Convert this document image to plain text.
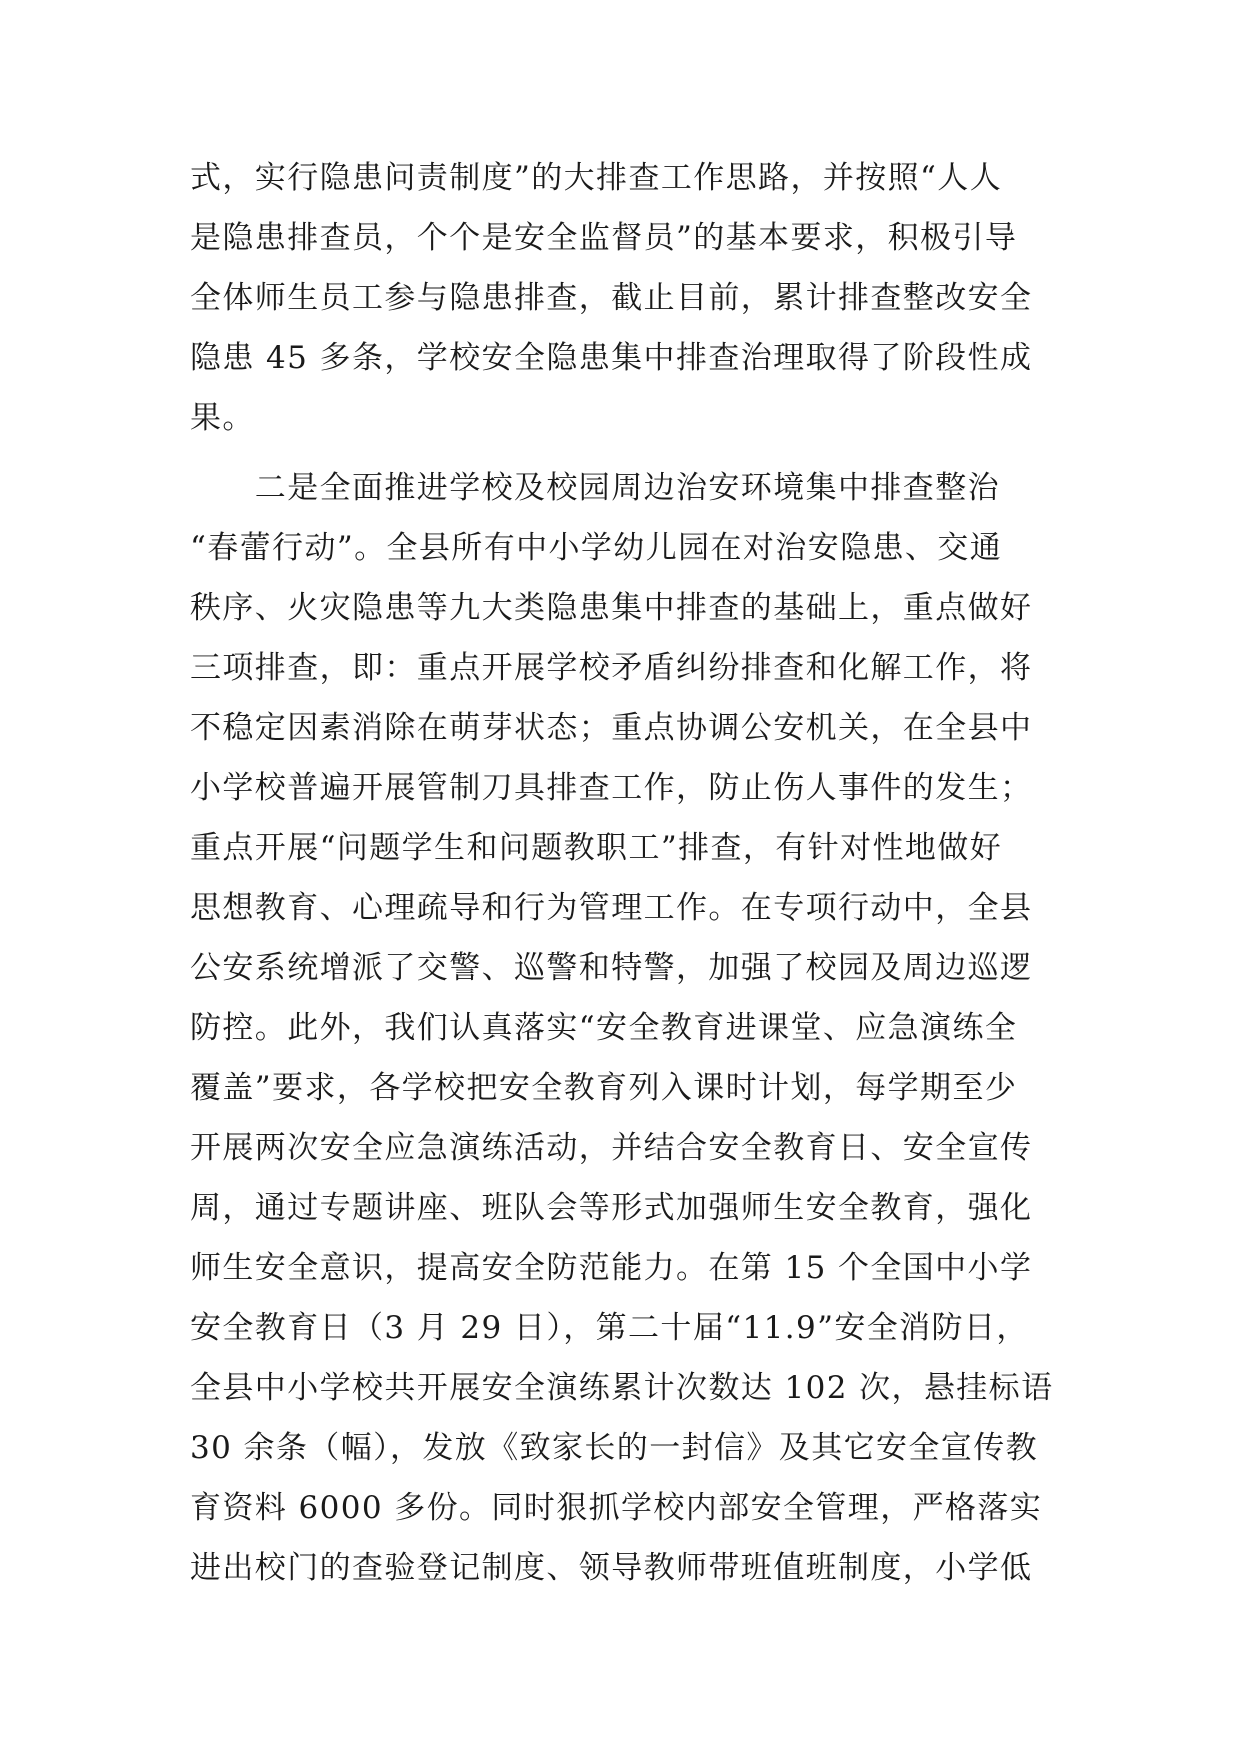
式，实行隐患问责制度”的大排查工作思路，并按照“人人
是隐患排查员，个个是安全监督员”的基本要求，积极引导
全体师生员工参与隐患排查，截止目前，累计排查整改安全
隐患 45 多条，学校安全隐患集中排查治理取得了阶段性成
果。
　　二是全面推进学校及校园周边治安环境集中排查整治
“春蕾行动”。全县所有中小学幼儿园在对治安隐患、交通
秩序、火灾隐患等九大类隐患集中排查的基础上，重点做好
三项排查，即：重点开展学校矛盾纠纷排查和化解工作，将
不稳定因素消除在萌芽状态；重点协调公安机关，在全县中
小学校普遍开展管制刀具排查工作，防止伤人事件的发生；
重点开展“问题学生和问题教职工”排查，有针对性地做好
思想教育、心理疏导和行为管理工作。在专项行动中，全县
公安系统增派了交警、巡警和特警，加强了校园及周边巡逻
防控。此外，我们认真落实“安全教育进课堂、应急演练全
覆盖”要求，各学校把安全教育列入课时计划，每学期至少
开展两次安全应急演练活动，并结合安全教育日、安全宣传
周，通过专题讲座、班队会等形式加强师生安全教育，强化
师生安全意识，提高安全防范能力。在第 15 个全国中小学
安全教育日（3 月 29 日），第二十届“11.9”安全消防日，
全县中小学校共开展安全演练累计次数达 102 次，悬挂标语
30 余条（幅），发放《致家长的一封信》及其它安全宣传教
育资料 6000 多份。同时狠抓学校内部安全管理，严格落实
进出校门的查验登记制度、领导教师带班值班制度，小学低
